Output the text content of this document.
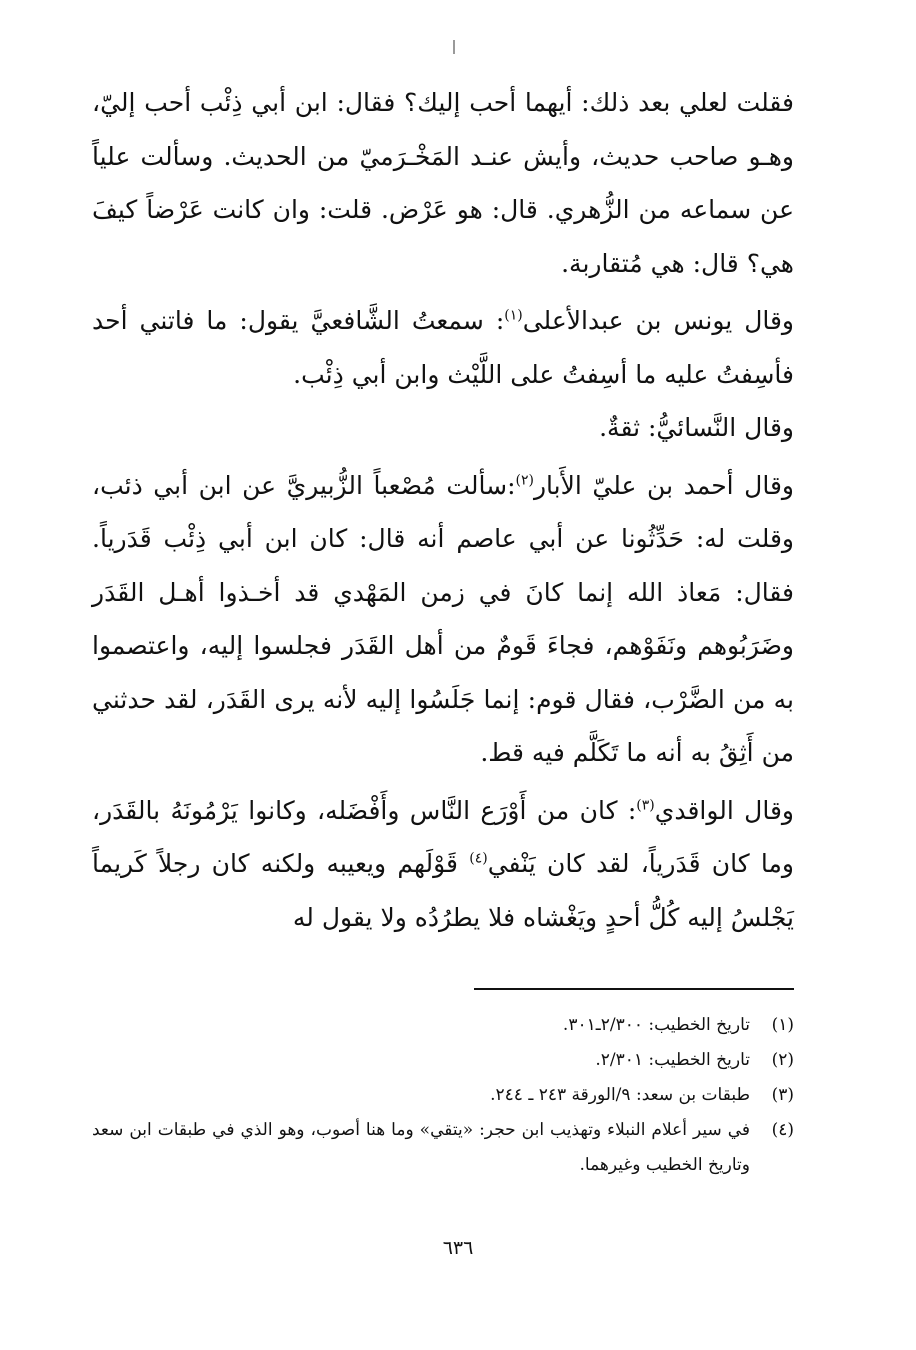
فقلت لعلي بعد ذلك: أيهما أحب إليك؟ فقال: ابن أبي ذِئْب أحب إليّ، وهـو صاحب حديث، وأيش عنـد المَخْـرَميّ من الحديث. وسألت علياً عن سماعه من الزُّهري. قال: هو عَرْض. قلت: وان كانت عَرْضاً كيفَ هي؟ قال: هي مُتقاربة.

وقال يونس بن عبدالأعلى$^{(١)}$: سمعتُ الشَّافعيَّ يقول: ما فاتني أحد فأسِفتُ عليه ما أسِفتُ على اللَّيْث وابن أبي ذِئْب.

وقال النَّسائيُّ: ثقةٌ.

وقال أحمد بن عليّ الأَبار$^{(٢)}$:سألت مُصْعباً الزُّبيريَّ عن ابن أبي ذئب، وقلت له: حَدِّثُونا عن أبي عاصم أنه قال: كان ابن أبي ذِئْب قَدَرياً. فقال: مَعاذ الله إنما كانَ في زمن المَهْدي قد أخـذوا أهـل القَدَر وضَرَبُوهم ونَفَوْهم، فجاءَ قَومٌ من أهل القَدَر فجلسوا إليه، واعتصموا به من الضَّرْب، فقال قوم: إنما جَلَسُوا إليه لأنه يرى القَدَر، لقد حدثني من أَثِقُ به أنه ما تَكَلَّم فيه قط.

وقال الواقدي$^{(٣)}$: كان من أَوْرَع النَّاس وأَفْضَله، وكانوا يَرْمُونَهُ بالقَدَر، وما كان قَدَرياً، لقد كان يَنْفي$^{(٤)}$ قَوْلَهم ويعيبه ولكنه كان رجلاً كَريماً يَجْلسُ إليه كُلُّ أحدٍ ويَغْشاه فلا يطرُدُه ولا يقول له

(١)
تاريخ الخطيب: ٢/٣٠٠ـ٣٠١.
(٢)
تاريخ الخطيب: ٢/٣٠١.
(٣)
طبقات بن سعد: ٩/الورقة ٢٤٣ ـ ٢٤٤.
(٤)
في سير أعلام النبلاء وتهذيب ابن حجر: «يتقي» وما هنا أصوب، وهو الذي في طبقات ابن سعد وتاريخ الخطيب وغيرهما.
٦٣٦
